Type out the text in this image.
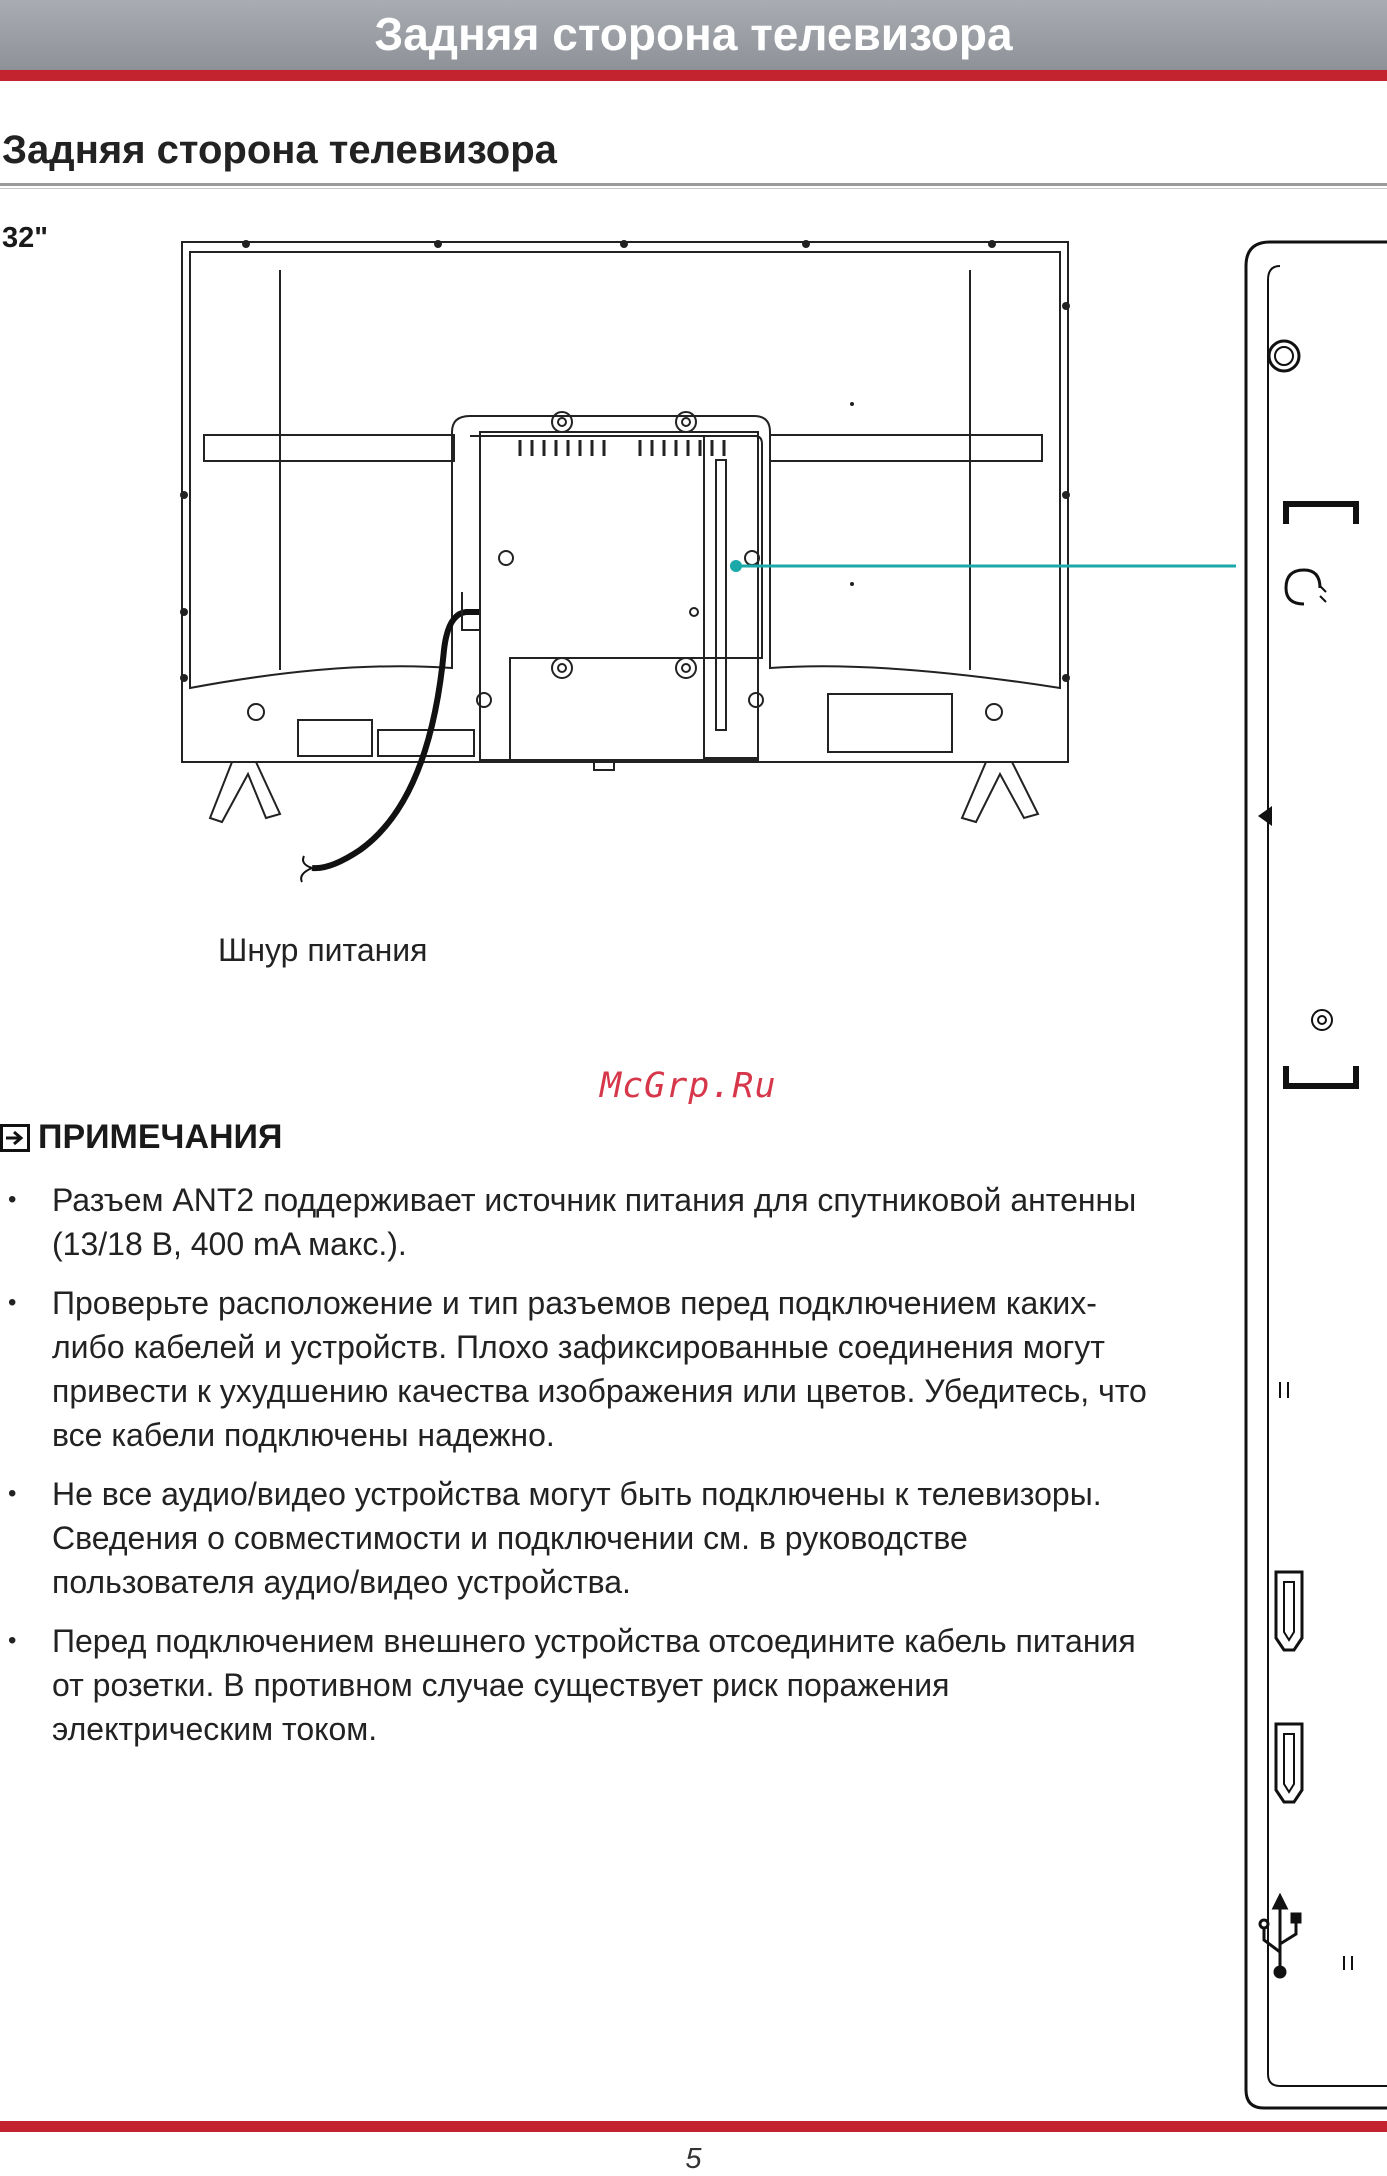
Задняя сторона телевизора
Задняя сторона телевизора
32"
Шнур питания
McGrp.Ru
ПРИМЕЧАНИЯ
• Разъем ANT2 поддерживает источник питания для спутниковой антенны (13/18 В, 400 mA макс.).
• Проверьте расположение и тип разъемов перед подключением каких-либо кабелей и устройств. Плохо зафиксированные соединения могут привести к ухудшению качества изображения или цветов. Убедитесь, что все кабели подключены надежно.
• Не все аудио/видео устройства могут быть подключены к телевизоры. Сведения о совместимости и подключении см. в руководстве пользователя аудио/видео устройства.
• Перед подключением внешнего устройства отсоедините кабель питания от розетки. В противном случае существует риск поражения электрическим током.
5
